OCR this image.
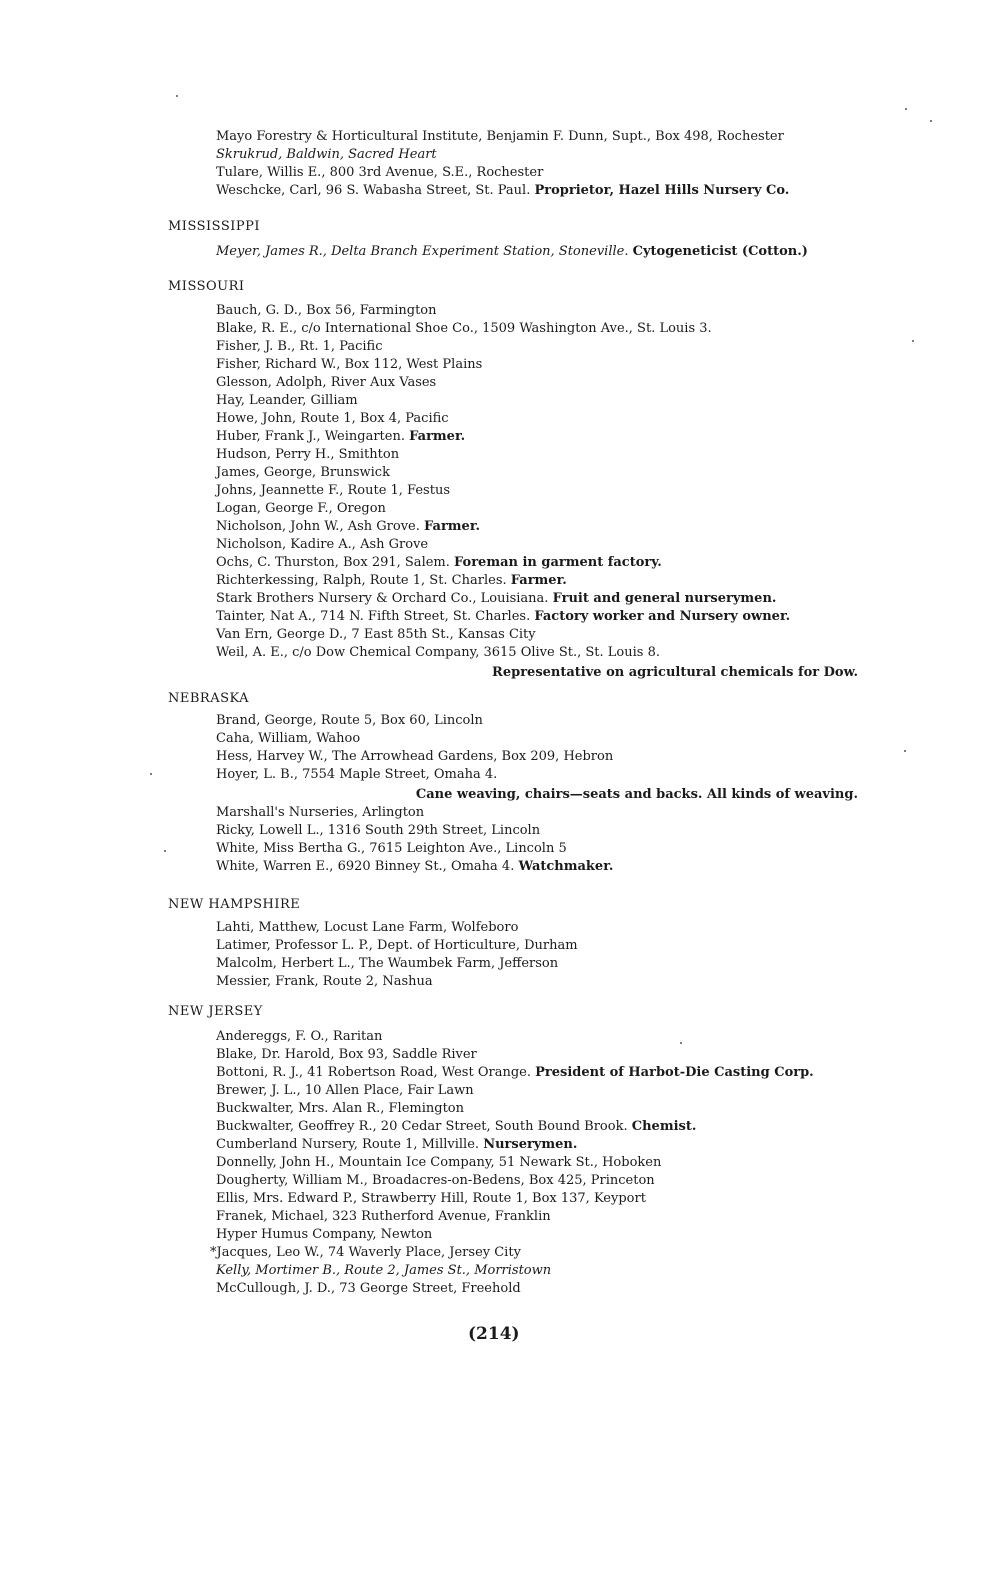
Mayo Forestry & Horticultural Institute, Benjamin F. Dunn, Supt., Box 498, Rochester
Skrukrud, Baldwin, Sacred Heart
Tulare, Willis E., 800 3rd Avenue, S.E., Rochester
Weschcke, Carl, 96 S. Wabasha Street, St. Paul. Proprietor, Hazel Hills Nursery Co.
MISSISSIPPI
Meyer, James R., Delta Branch Experiment Station, Stoneville. Cytogeneticist (Cotton.)
MISSOURI
Bauch, G. D., Box 56, Farmington
Blake, R. E., c/o International Shoe Co., 1509 Washington Ave., St. Louis 3.
Fisher, J. B., Rt. 1, Pacific
Fisher, Richard W., Box 112, West Plains
Glesson, Adolph, River Aux Vases
Hay, Leander, Gilliam
Howe, John, Route 1, Box 4, Pacific
Huber, Frank J., Weingarten. Farmer.
Hudson, Perry H., Smithton
James, George, Brunswick
Johns, Jeannette F., Route 1, Festus
Logan, George F., Oregon
Nicholson, John W., Ash Grove. Farmer.
Nicholson, Kadire A., Ash Grove
Ochs, C. Thurston, Box 291, Salem. Foreman in garment factory.
Richterkessing, Ralph, Route 1, St. Charles. Farmer.
Stark Brothers Nursery & Orchard Co., Louisiana. Fruit and general nurserymen.
Tainter, Nat A., 714 N. Fifth Street, St. Charles. Factory worker and Nursery owner.
Van Ern, George D., 7 East 85th St., Kansas City
Weil, A. E., c/o Dow Chemical Company, 3615 Olive St., St. Louis 8.
Representative on agricultural chemicals for Dow.
NEBRASKA
Brand, George, Route 5, Box 60, Lincoln
Caha, William, Wahoo
Hess, Harvey W., The Arrowhead Gardens, Box 209, Hebron
Hoyer, L. B., 7554 Maple Street, Omaha 4.
Cane weaving, chairs—seats and backs. All kinds of weaving.
Marshall's Nurseries, Arlington
Ricky, Lowell L., 1316 South 29th Street, Lincoln
White, Miss Bertha G., 7615 Leighton Ave., Lincoln 5
White, Warren E., 6920 Binney St., Omaha 4. Watchmaker.
NEW HAMPSHIRE
Lahti, Matthew, Locust Lane Farm, Wolfeboro
Latimer, Professor L. P., Dept. of Horticulture, Durham
Malcolm, Herbert L., The Waumbek Farm, Jefferson
Messier, Frank, Route 2, Nashua
NEW JERSEY
Andereggs, F. O., Raritan
Blake, Dr. Harold, Box 93, Saddle River
Bottoni, R. J., 41 Robertson Road, West Orange. President of Harbot-Die Casting Corp.
Brewer, J. L., 10 Allen Place, Fair Lawn
Buckwalter, Mrs. Alan R., Flemington
Buckwalter, Geoffrey R., 20 Cedar Street, South Bound Brook. Chemist.
Cumberland Nursery, Route 1, Millville. Nurserymen.
Donnelly, John H., Mountain Ice Company, 51 Newark St., Hoboken
Dougherty, William M., Broadacres-on-Bedens, Box 425, Princeton
Ellis, Mrs. Edward P., Strawberry Hill, Route 1, Box 137, Keyport
Franek, Michael, 323 Rutherford Avenue, Franklin
Hyper Humus Company, Newton
*Jacques, Leo W., 74 Waverly Place, Jersey City
Kelly, Mortimer B., Route 2, James St., Morristown
McCullough, J. D., 73 George Street, Freehold
(214)
